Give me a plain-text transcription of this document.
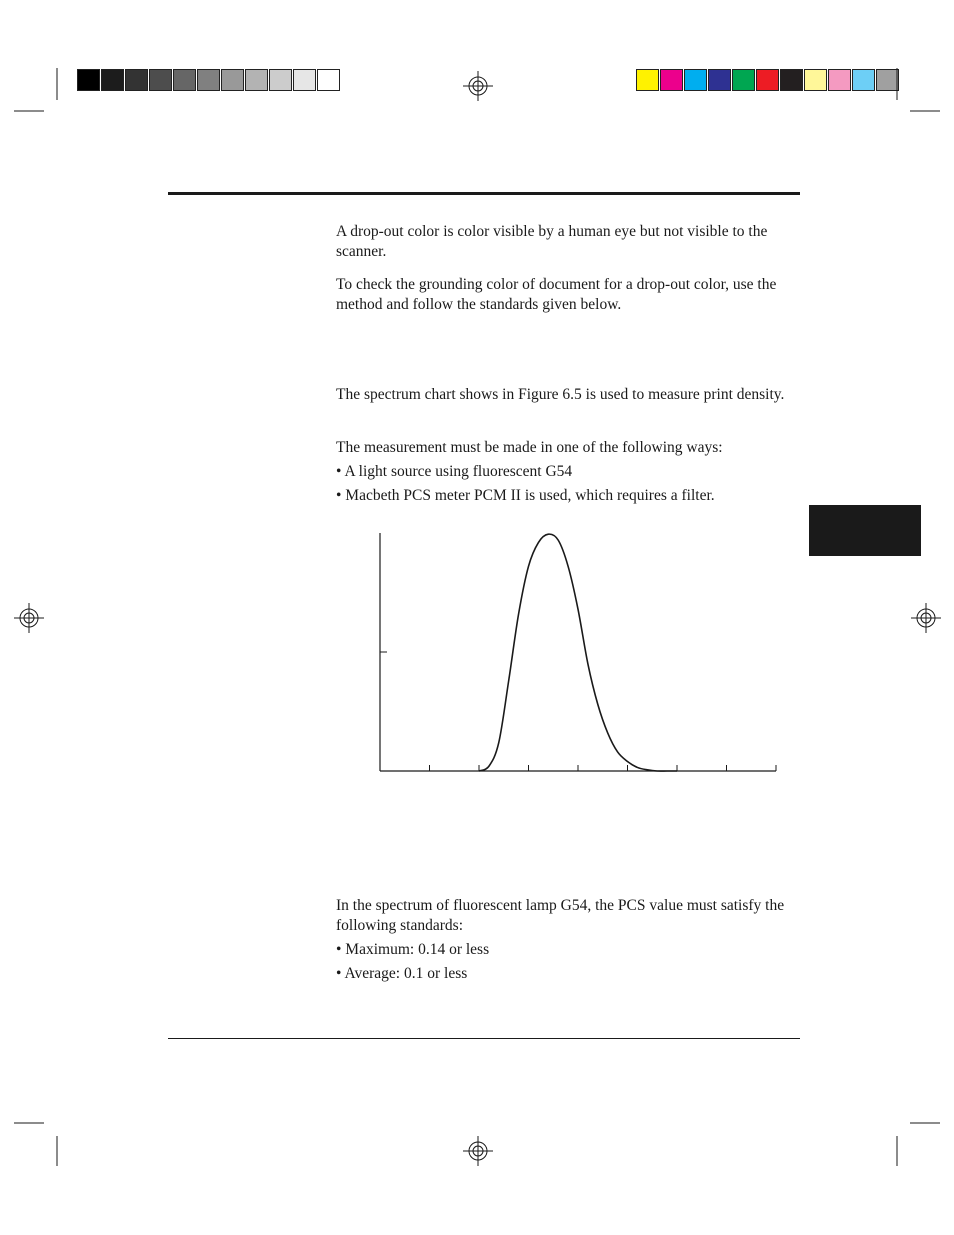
A drop-out color is color visible by a human eye but not visible to the scanner.

To check the grounding color of document for a drop-out color, use the method and follow the standards given below.

The spectrum chart shows in Figure 6.5 is used to measure print density.

The measurement must be made in one of the following ways:

• A light source using fluorescent G54
• Macbeth PCS meter PCM II is used, which requires a filter.

In the spectrum of fluorescent lamp G54, the PCS value must satisfy the following standards:

• Maximum: 0.14 or less
• Average: 0.1 or less
